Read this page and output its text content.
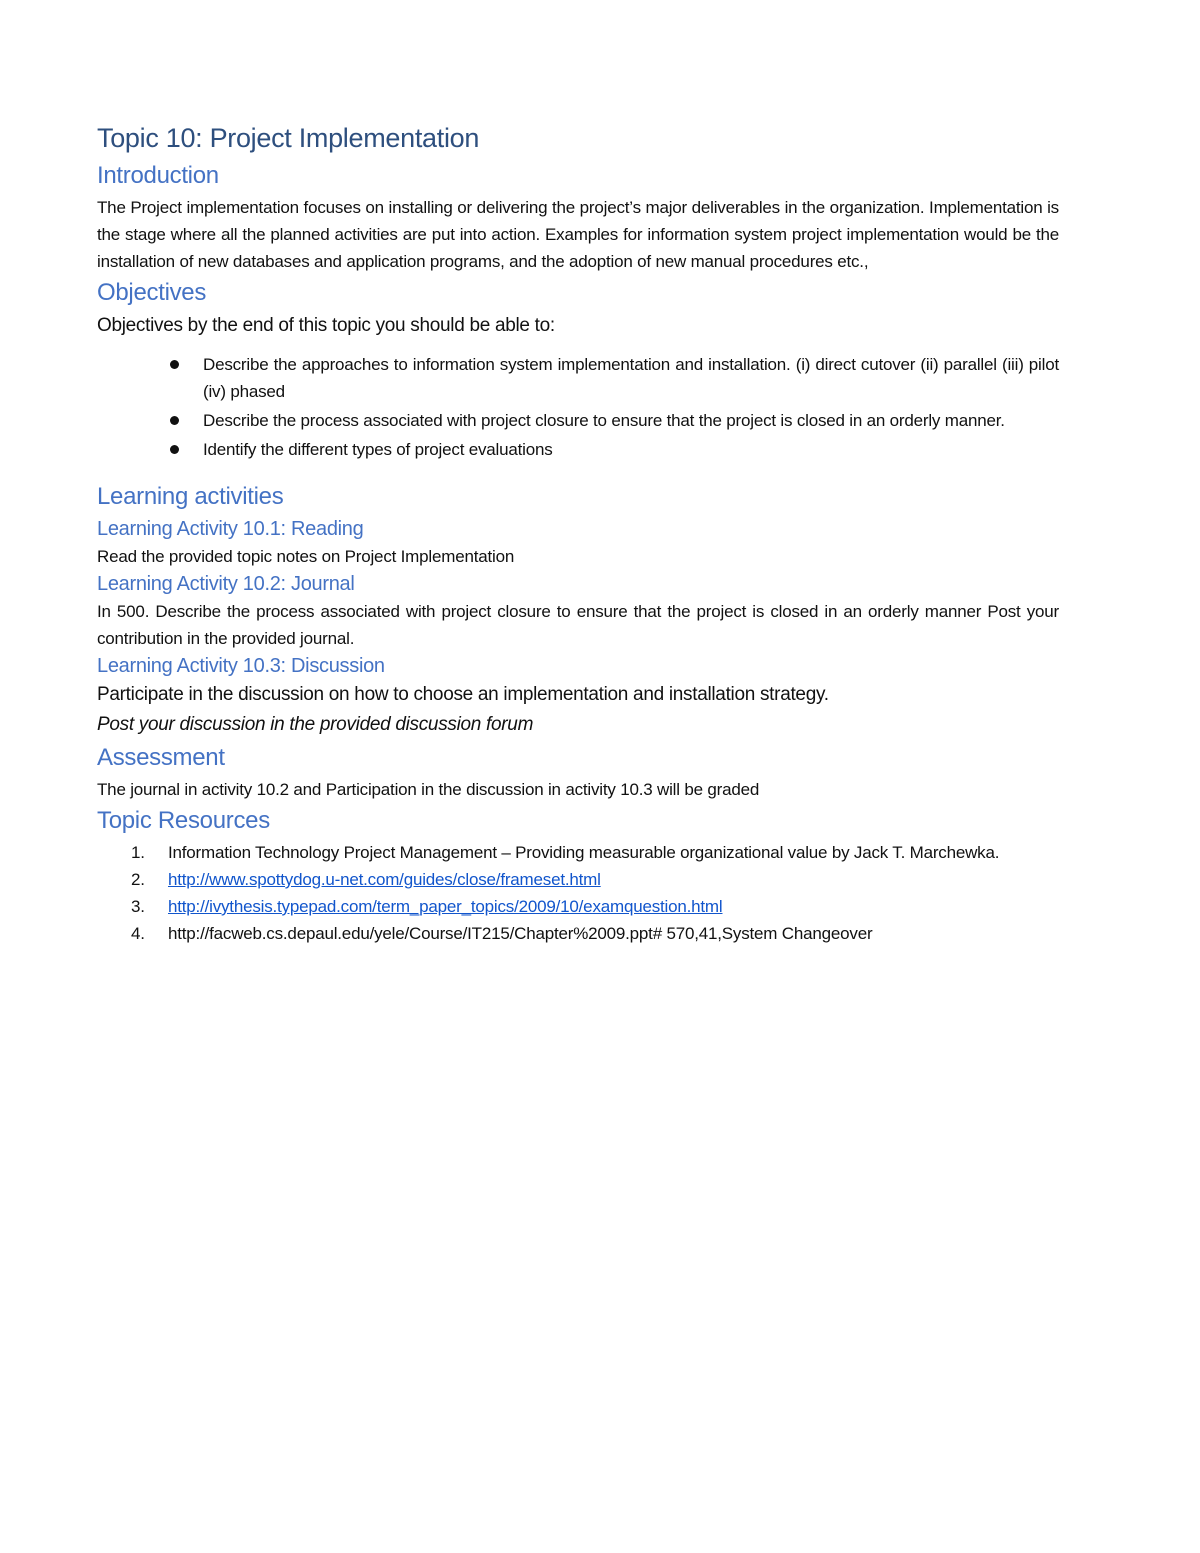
Topic 10: Project Implementation
Introduction

The Project implementation focuses on installing or delivering the project’s major deliverables in the organization. Implementation is the stage where all the planned activities are put into action. Examples for information system project implementation would be the installation of new databases and application programs, and the adoption of new manual procedures etc.,

Objectives

Objectives by the end of this topic you should be able to:

Describe the approaches to information system implementation and installation. (i) direct cutover (ii) parallel (iii) pilot (iv) phased
Describe the process associated with project closure to ensure that the project is closed in an orderly manner.
Identify the different types of project evaluations
Learning activities
Learning Activity 10.1: Reading

Read the provided topic notes on Project Implementation

Learning Activity 10.2: Journal

In 500. Describe the process associated with project closure to ensure that the project is closed in an orderly manner Post your contribution in the provided journal.

Learning Activity 10.3: Discussion

Participate in the discussion on how to choose an implementation and installation strategy.

Post your discussion in the provided discussion forum

Assessment

The journal in activity 10.2 and Participation in the discussion in activity 10.3 will be graded

Topic Resources
1. Information Technology Project Management – Providing measurable organizational value by Jack T. Marchewka.
2. http://www.spottydog.u-net.com/guides/close/frameset.html
3. http://ivythesis.typepad.com/term_paper_topics/2009/10/examquestion.html
4. http://facweb.cs.depaul.edu/yele/Course/IT215/Chapter%2009.ppt# 570,41,System Changeover
